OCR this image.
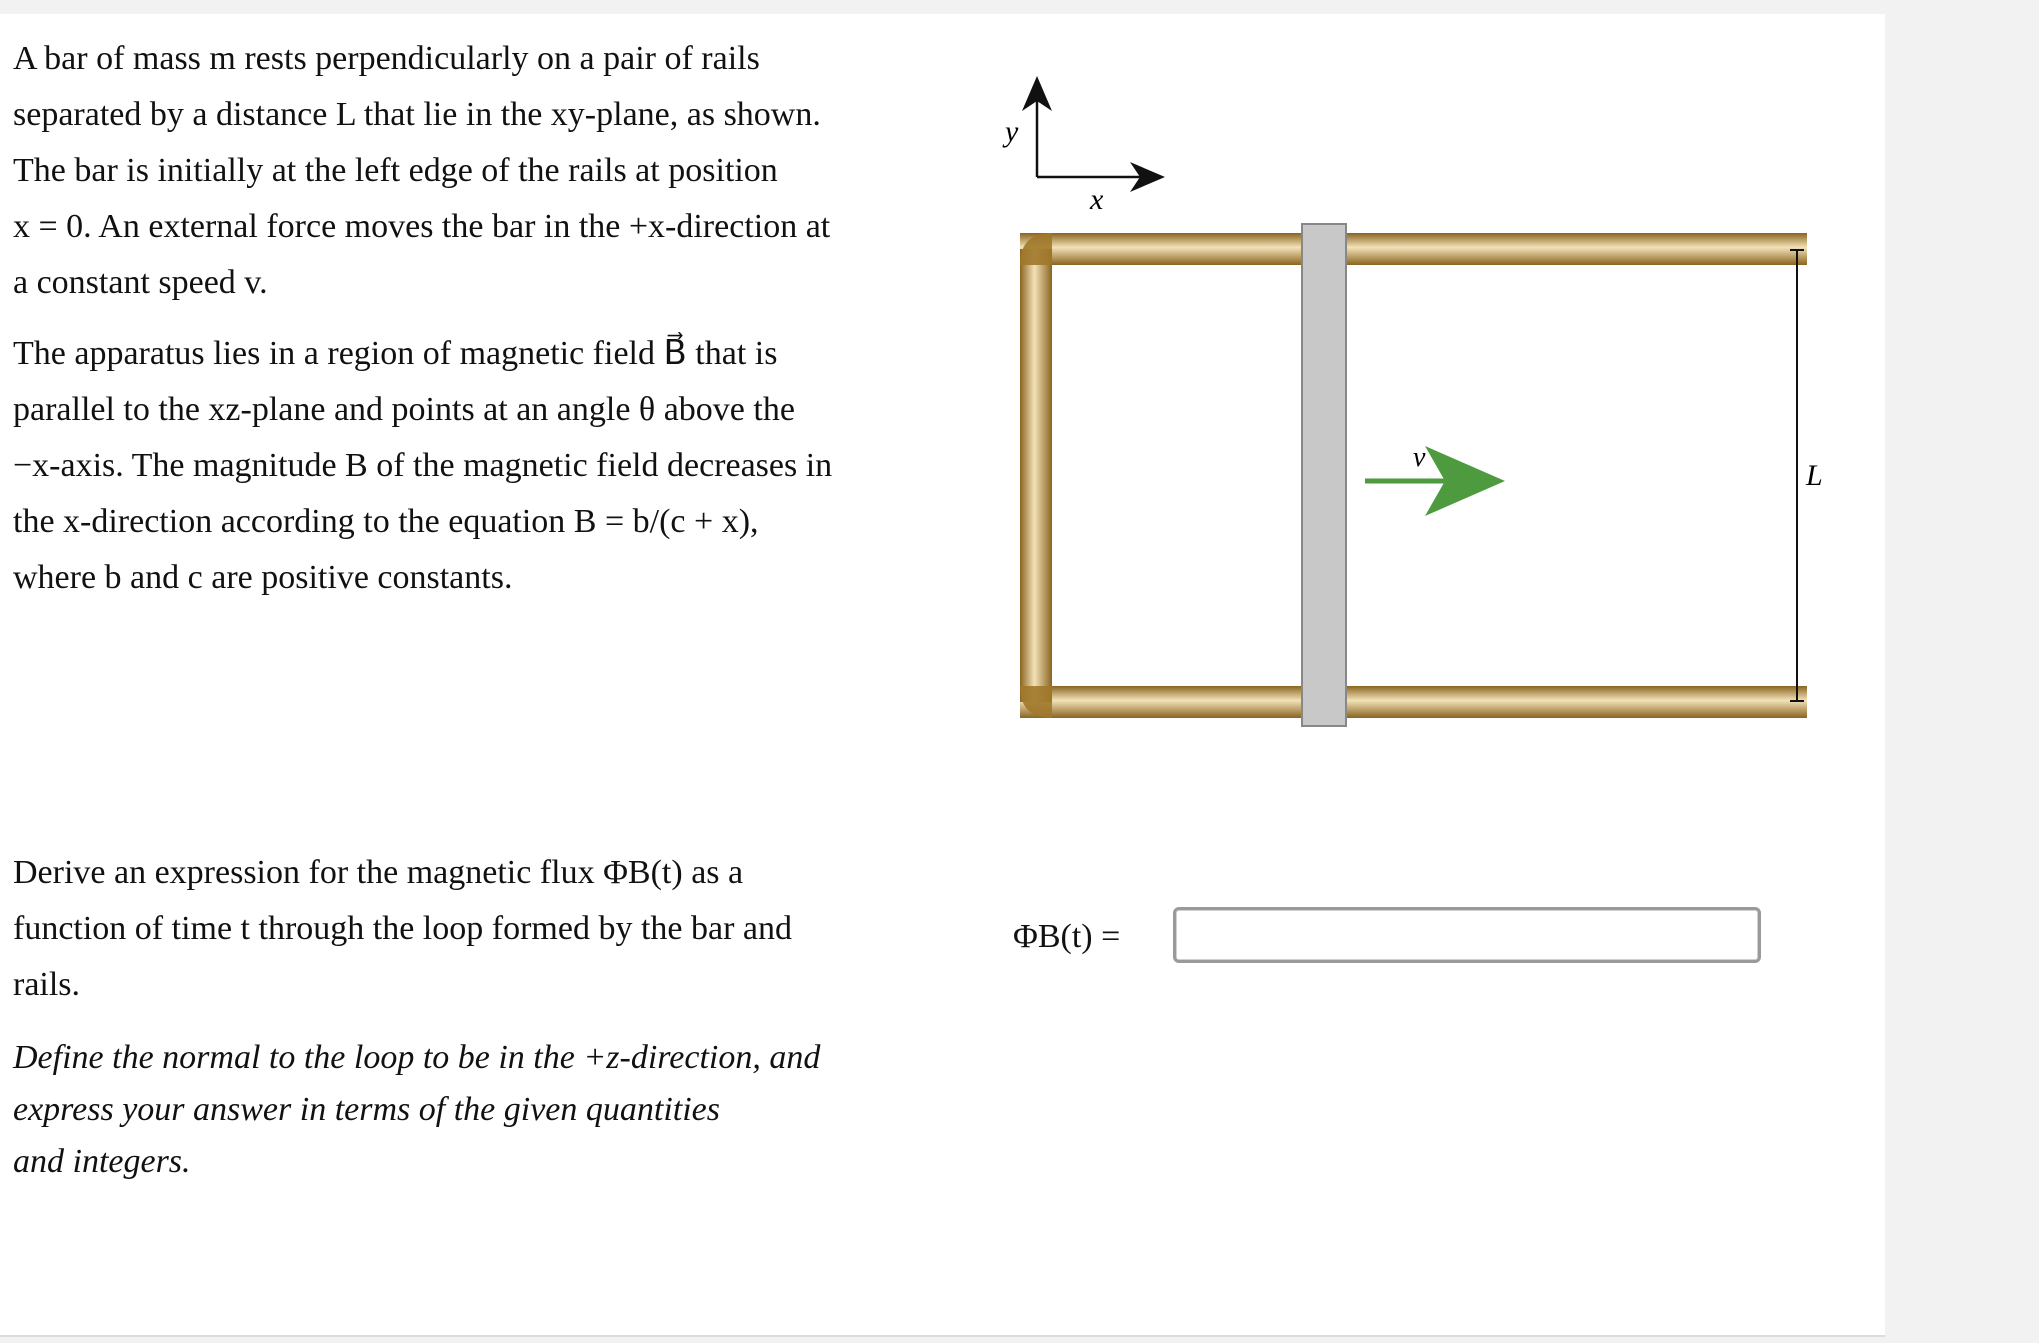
A bar of mass m rests perpendicularly on a pair of rails
separated by a distance L that lie in the xy-plane, as shown.
The bar is initially at the left edge of the rails at position
x = 0. An external force moves the bar in the +x-direction at
a constant speed v.

The apparatus lies in a region of magnetic field B⃗ that is
parallel to the xz-plane and points at an angle θ above the
−x-axis. The magnitude B of the magnetic field decreases in
the x-direction according to the equation B = b/(c + x),
where b and c are positive constants.

Derive an expression for the magnetic flux ΦB(t) as a
function of time t through the loop formed by the bar and
rails.

Define the normal to the loop to be in the +z-direction, and
express your answer in terms of the given quantities
and integers.

y
x
v⃗
L
ΦB(t) =
